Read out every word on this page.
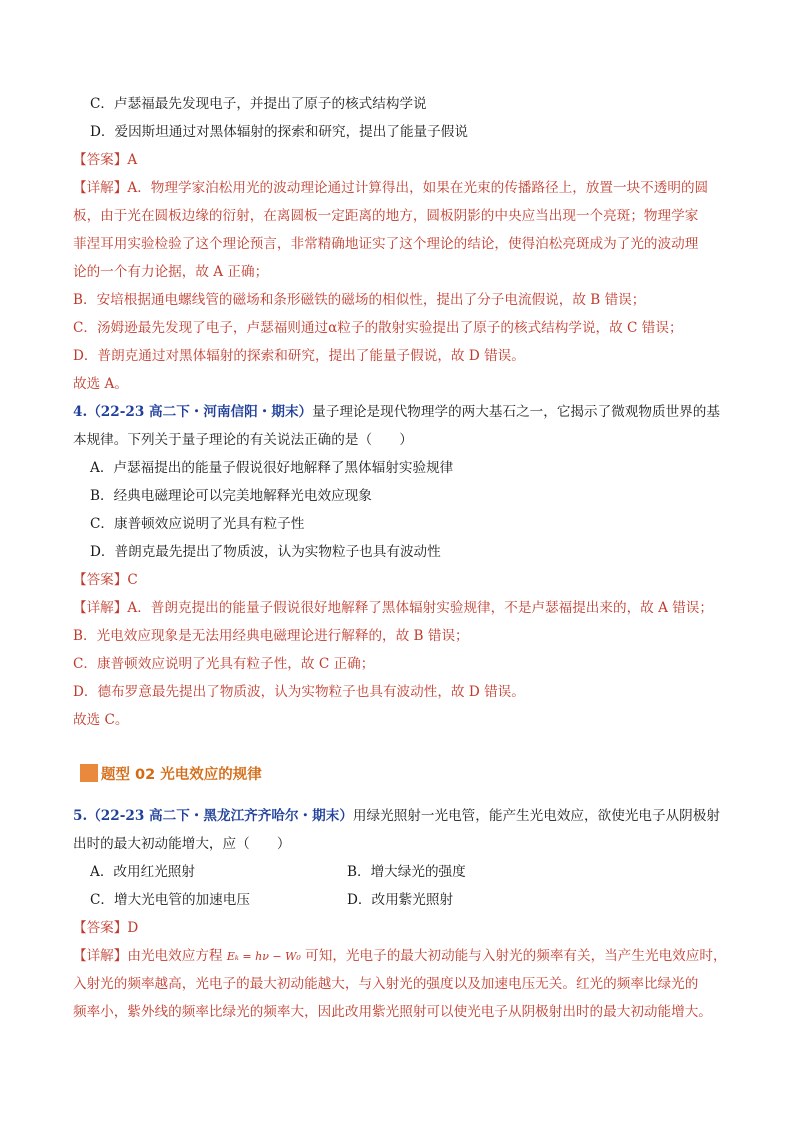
C．卢瑟福最先发现电子，并提出了原子的核式结构学说
D．爱因斯坦通过对黑体辐射的探索和研究，提出了能量子假说
【答案】A
【详解】A．物理学家泊松用光的波动理论通过计算得出，如果在光束的传播路径上，放置一块不透明的圆
板，由于光在圆板边缘的衍射，在离圆板一定距离的地方，圆板阴影的中央应当出现一个亮斑；物理学家
菲涅耳用实验检验了这个理论预言，非常精确地证实了这个理论的结论，使得泊松亮斑成为了光的波动理
论的一个有力论据，故 A 正确；
B．安培根据通电螺线管的磁场和条形磁铁的磁场的相似性，提出了分子电流假说，故 B 错误；
C．汤姆逊最先发现了电子，卢瑟福则通过α粒子的散射实验提出了原子的核式结构学说，故 C 错误；
D．普朗克通过对黑体辐射的探索和研究，提出了能量子假说，故 D 错误。
故选 A。
4.（22-23 高二下・河南信阳・期末）量子理论是现代物理学的两大基石之一，它揭示了微观物质世界的基
本规律。下列关于量子理论的有关说法正确的是（　　）
A．卢瑟福提出的能量子假说很好地解释了黑体辐射实验规律
B．经典电磁理论可以完美地解释光电效应现象
C．康普顿效应说明了光具有粒子性
D．普朗克最先提出了物质波，认为实物粒子也具有波动性
【答案】C
【详解】A．普朗克提出的能量子假说很好地解释了黑体辐射实验规律，不是卢瑟福提出来的，故 A 错误；
B．光电效应现象是无法用经典电磁理论进行解释的，故 B 错误；
C．康普顿效应说明了光具有粒子性，故 C 正确；
D．德布罗意最先提出了物质波，认为实物粒子也具有波动性，故 D 错误。
故选 C。
题型 02 光电效应的规律
5.（22-23 高二下・黑龙江齐齐哈尔・期末）用绿光照射一光电管，能产生光电效应，欲使光电子从阴极射
出时的最大初动能增大，应（　　）
A．改用红光照射	B．增大绿光的强度
C．增大光电管的加速电压	D．改用紫光照射
【答案】D
【详解】由光电效应方程 Eₖ = hν − W₀ 可知，光电子的最大初动能与入射光的频率有关，当产生光电效应时，
入射光的频率越高，光电子的最大初动能越大，与入射光的强度以及加速电压无关。红光的频率比绿光的
频率小，紫外线的频率比绿光的频率大，因此改用紫光照射可以使光电子从阴极射出时的最大初动能增大。
